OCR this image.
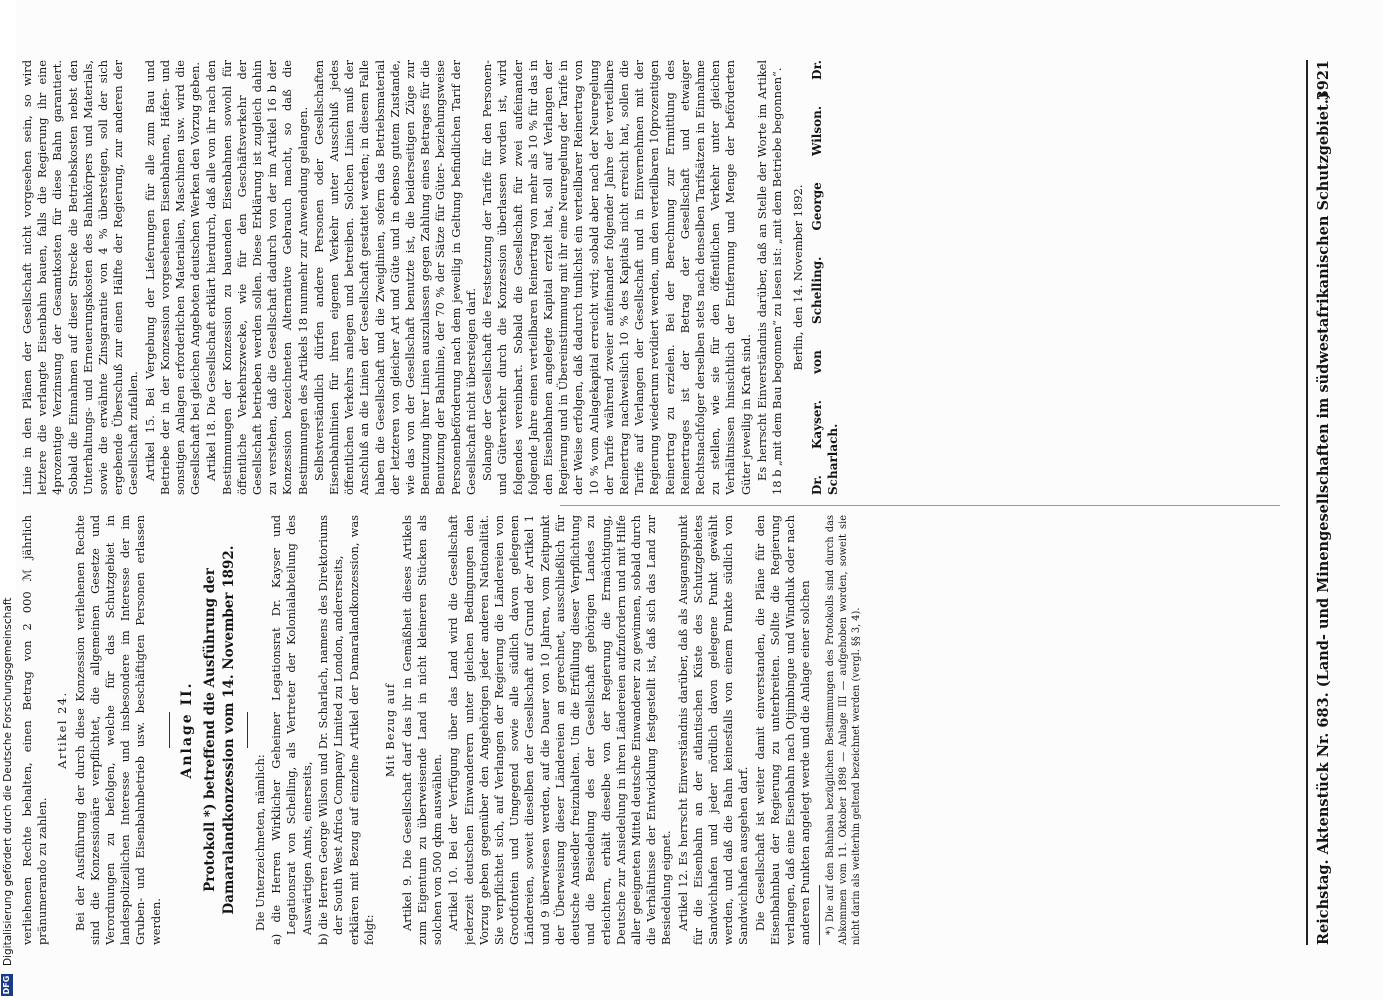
Reichstag. Aktenstück Nr. 683. (Land- und Minengesellschaften im südwestafrikanischen Schutzgebiet.)
3921

verliehenen Rechte behalten, einen Betrag von 2 000 ℳ jährlich pränumerando zu zahlen.

Artikel 24. Bei der Ausführung der durch diese Konzession verliehenen Rechte sind die Konzessionäre verpflichtet, die allgemeinen Gesetze und Verordnungen zu befolgen, welche für das Schutzgebiet in landespolizeilichen Interesse und insbesondere im Interesse der im Gruben- und Eisenbahnbetrieb usw. beschäftigten Personen erlassen werden.

Anlage II. Protokoll *) betreffend die Ausführung der Damaralandkonzession vom 14. November 1892. Die Unterzeichneten, nämlich: a) die Herren Wirklicher Geheimer Legationsrat Dr. Kayser und Legationsrat von Schelling, als Vertreter der Kolonialabteilung des Auswärtigen Amts, einerseits, b) die Herren George Wilson und Dr. Scharlach, namens des Direktoriums der South West Africa Company Limited zu London, andererseits, erklären mit Bezug auf einzelne Artikel der Damaralandkonzession, was folgt:

Mit Bezug auf Artikel 9. Die Gesellschaft darf das ihr in Gemäßheit dieses Artikels zum Eigentum zu überweisende Land in nicht kleineren Stücken als solchen von 500 qkm auswählen. Artikel 10. Bei der Verfügung über das Land wird die Gesellschaft jederzeit deutschen Einwanderern unter gleichen Bedingungen den Vorzug geben gegenüber den Angehörigen jeder anderen Nationalität. Sie verpflichtet sich, auf Verlangen der Regierung die Ländereien von Grootfontein und Umgegend sowie alle südlich davon gelegenen Ländereien, soweit dieselben der Gesellschaft auf Grund der Artikel 1 und 9 überwiesen werden, auf die Dauer von 10 Jahren, vom Zeitpunkt der Überweisung dieser Ländereien an gerechnet, ausschließlich für deutsche Ansiedler freizuhalten. Um die Erfüllung dieser Verpflichtung und die Besiedelung des der Gesellschaft gehörigen Landes zu erleichtern, erhält dieselbe von der Regierung die Ermächtigung, Deutsche zur Ansiedelung in ihren Ländereien aufzufordern und mit Hilfe aller geeigneten Mittel deutsche Einwanderer zu gewinnen, sobald durch die Verhältnisse der Entwicklung festgestellt ist, daß sich das Land zur Besiedelung eignet. Artikel 12. Es herrscht Einverständnis darüber, daß als Ausgangspunkt für die Eisenbahn an der atlantischen Küste des Schutzgebietes Sandwichhafen und jeder nördlich davon gelegene Punkt gewählt werden, und daß die Bahn keinesfalls von einem Punkte südlich von Sandwichhafen ausgehen darf. Die Gesellschaft ist weiter damit einverstanden, die Pläne für den Eisenbahnbau der Regierung zu unterbreiten. Sollte die Regierung verlangen, daß eine Eisenbahn nach Otjimbingue und Windhuk oder nach anderen Punkten angelegt werde und die Anlage einer solchen *) Die auf den Bahnbau bezüglichen Bestimmungen des Protokolls sind durch das Abkommen vom 11. Oktober 1898 — Anlage III — aufgehoben worden, soweit sie nicht darin als weiterhin geltend bezeichnet werden (vergl. §§ 3, 4).

Linie in den Plänen der Gesellschaft nicht vorgesehen sein, so wird letztere die verlangte Eisenbahn bauen, falls die Regierung ihr eine 4prozentige Verzinsung der Gesamtkosten für diese Bahn garantiert. Sobald die Einnahmen auf dieser Strecke die Betriebskosten nebst den Unterhaltungs- und Erneuerungskosten des Bahnkörpers und Materials, sowie die erwähnte Zinsgarantie von 4 % übersteigen, soll der sich ergebende Überschuß zur einen Hälfte der Regierung, zur anderen der Gesellschaft zufallen. Artikel 15. Bei Vergebung der Lieferungen für alle zum Bau und Betriebe der in der Konzession vorgesehenen Eisenbahnen, Häfen- und sonstigen Anlagen erforderlichen Materialien, Maschinen usw. wird die Gesellschaft bei gleichen Angeboten deutschen Werken den Vorzug geben. Artikel 18. Die Gesellschaft erklärt hierdurch, daß alle von ihr nach den Bestimmungen der Konzession zu bauenden Eisenbahnen sowohl für öffentliche Verkehrszwecke, wie für den Geschäftsverkehr der Gesellschaft betrieben werden sollen. Diese Erklärung ist zugleich dahin zu verstehen, daß die Gesellschaft dadurch von der im Artikel 16 b der Konzession bezeichneten Alternative Gebrauch macht, so daß die Bestimmungen des Artikels 18 nunmehr zur Anwendung gelangen. Selbstverständlich dürfen andere Personen oder Gesellschaften Eisenbahnlinien für ihren eigenen Verkehr unter Ausschluß jedes öffentlichen Verkehrs anlegen und betreiben. Solchen Linien muß der Anschluß an die Linien der Gesellschaft gestattet werden; in diesem Falle haben die Gesellschaft und die Zweiglinien, sofern das Betriebsmaterial der letzteren von gleicher Art und Güte und in ebenso gutem Zustande, wie das von der Gesellschaft benutzte ist, die beiderseitigen Züge zur Benutzung ihrer Linien auszulassen gegen Zahlung eines Betrages für die Benutzung der Bahnlinie, der 70 % der Sätze für Güter- beziehungsweise Personenbeförderung nach dem jeweilig in Geltung befindlichen Tarif der Gesellschaft nicht übersteigen darf. Solange der Gesellschaft die Festsetzung der Tarife für den Personen- und Güterverkehr durch die Konzession überlassen worden ist, wird folgendes vereinbart. Sobald die Gesellschaft für zwei aufeinander folgende Jahre einen verteilbaren Reinertrag von mehr als 10 % für das in den Eisenbahnen angelegte Kapital erzielt hat, soll auf Verlangen der Regierung und in Übereinstimmung mit ihr eine Neuregelung der Tarife in der Weise erfolgen, daß dadurch tunlichst ein verteilbarer Reinertrag von 10 % vom Anlagekapital erreicht wird; sobald aber nach der Neuregelung der Tarife während zweier aufeinander folgender Jahre der verteilbare Reinertrag nachweislich 10 % des Kapitals nicht erreicht hat, sollen die Tarife auf Verlangen der Gesellschaft und in Einvernehmen mit der Regierung wiederum revidiert werden, um den verteilbaren 10prozentigen Reinertrag zu erzielen. Bei der Berechnung zur Ermittlung des Reinertrages ist der Betrag der Gesellschaft und etwaiger Rechtsnachfolger derselben stets nach denselben Tarifsätzen in Einnahme zu stellen, wie sie für den öffentlichen Verkehr unter gleichen Verhältnissen hinsichtlich der Entfernung und Menge der beförderten Güter jeweilig in Kraft sind. Es herrscht Einverständnis darüber, daß an Stelle der Worte im Artikel 18 b „mit dem Bau begonnen“ zu lesen ist: „mit dem Betriebe begonnen“. Berlin, den 14. November 1892. Dr. Kayser. von Schelling. George Wilson. Dr. Scharlach.

DFG
Digitalisierung gefördert durch die Deutsche Forschungsgemeinschaft
